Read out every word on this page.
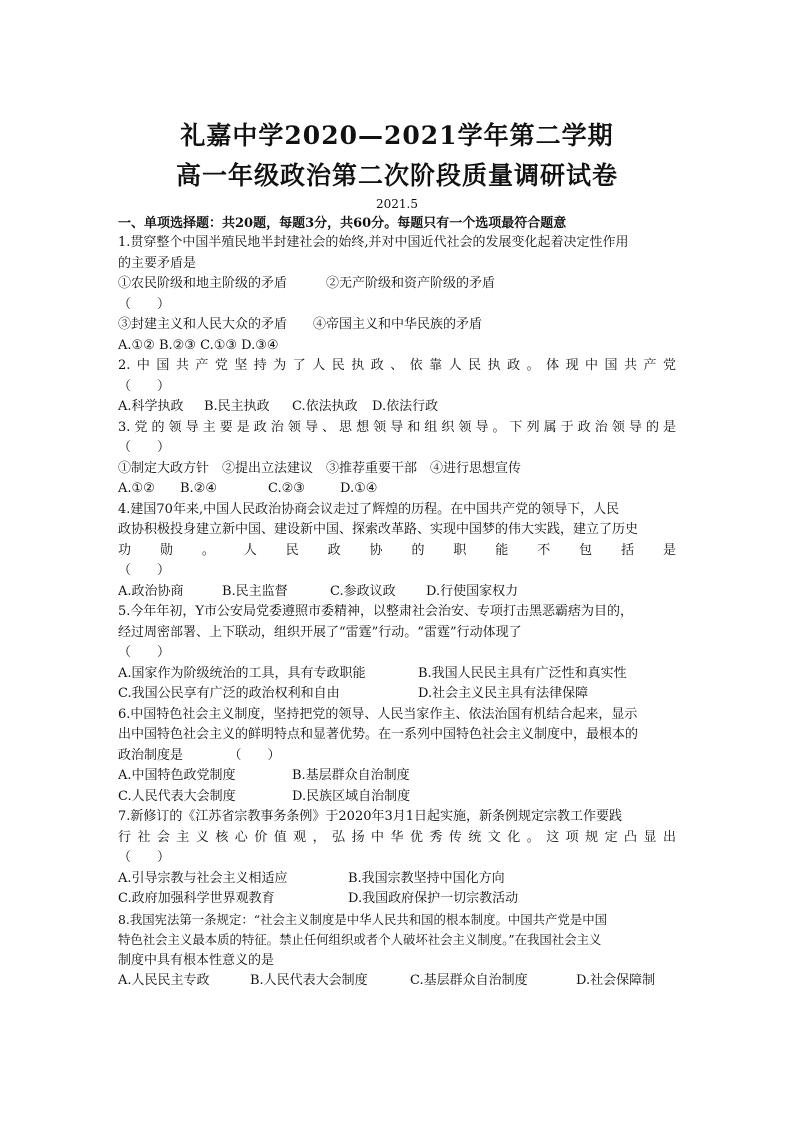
礼嘉中学2020—2021学年第二学期
高一年级政治第二次阶段质量调研试卷
2021.5
一、单项选择题：共20题，每题3分，共60分。每题只有一个选项最符合题意
1.贯穿整个中国半殖民地半封建社会的始终,并对中国近代社会的发展变化起着决定性作用
的主要矛盾是
①农民阶级和地主阶级的矛盾　　　②无产阶级和资产阶级的矛盾
（　　）
③封建主义和人民大众的矛盾　　④帝国主义和中华民族的矛盾
A.①② B.②③ C.①③ D.③④
2.中国共产党坚持为了人民执政、依靠人民执政。体现中国共产党
（　　）
A.科学执政	B.民主执政	C.依法执政	D.依法行政
3.党的领导主要是政治领导、思想领导和组织领导。下列属于政治领导的是
（　　）
①制定大政方针　②提出立法建议　③推荐重要干部　④进行思想宣传
A.①②	B.②④	C.②③	D.①④
4.建国70年来,中国人民政治协商会议走过了辉煌的历程。在中国共产党的领导下，人民
政协积极投身建立新中国、建设新中国、探索改革路、实现中国梦的伟大实践，建立了历史
功勋。人民政协的职能不包括是
（　　）
A.政治协商	B.民主监督	C.参政议政	D.行使国家权力
5.今年年初，Y市公安局党委遵照市委精神，以整肃社会治安、专项打击黑恶霸痞为目的，
经过周密部署、上下联动，组织开展了“雷霆”行动。“雷霆”行动体现了
（　　）
A.国家作为阶级统治的工具，具有专政职能	B.我国人民民主具有广泛性和真实性
C.我国公民享有广泛的政治权利和自由	D.社会主义民主具有法律保障
6.中国特色社会主义制度，坚持把党的领导、人民当家作主、依法治国有机结合起来，显示
出中国特色社会主义的鲜明特点和显著优势。在一系列中国特色社会主义制度中，最根本的
政治制度是　　　　（　　）
A.中国特色政党制度	B.基层群众自治制度
C.人民代表大会制度	D.民族区域自治制度
7.新修订的《江苏省宗教事务条例》于2020年3月1日起实施，新条例规定宗教工作要践
行社会主义核心价值观，弘扬中华优秀传统文化。这项规定凸显出
（　　）
A.引导宗教与社会主义相适应	B.我国宗教坚持中国化方向
C.政府加强科学世界观教育	D.我国政府保护一切宗教活动
8.我国宪法第一条规定：“社会主义制度是中华人民共和国的根本制度。中国共产党是中国
特色社会主义最本质的特征。禁止任何组织或者个人破坏社会主义制度。”在我国社会主义
制度中具有根本性意义的是
A.人民民主专政	B.人民代表大会制度	C.基层群众自治制度	D.社会保障制
